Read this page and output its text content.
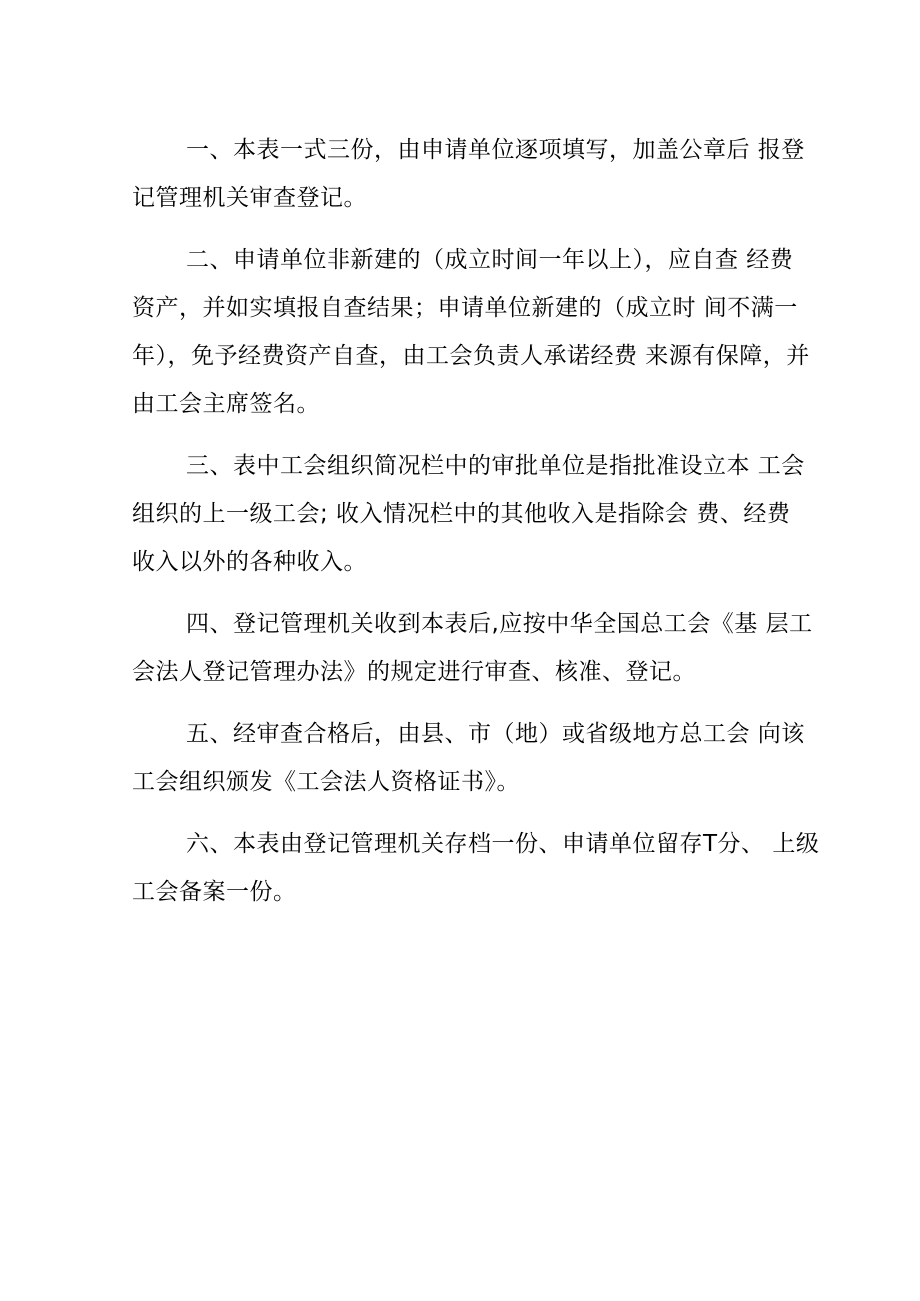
一、本表一式三份，由申请单位逐项填写，加盖公章后 报登
记管理机关审查登记。

二、申请单位非新建的（成立时间一年以上），应自查 经费
资产，并如实填报自查结果；申请单位新建的（成立时 间不满一
年），免予经费资产自查，由工会负责人承诺经费 来源有保障，并
由工会主席签名。

三、表中工会组织简况栏中的审批单位是指批准设立本 工会
组织的上一级工会; 收入情况栏中的其他收入是指除会 费、经费
收入以外的各种收入。

四、登记管理机关收到本表后,应按中华全国总工会《基 层工
会法人登记管理办法》的规定进行审查、核准、登记。

五、经审查合格后，由县、市（地）或省级地方总工会 向该
工会组织颁发《工会法人资格证书》。

六、本表由登记管理机关存档一份、申请单位留存T分、 上级
工会备案一份。
